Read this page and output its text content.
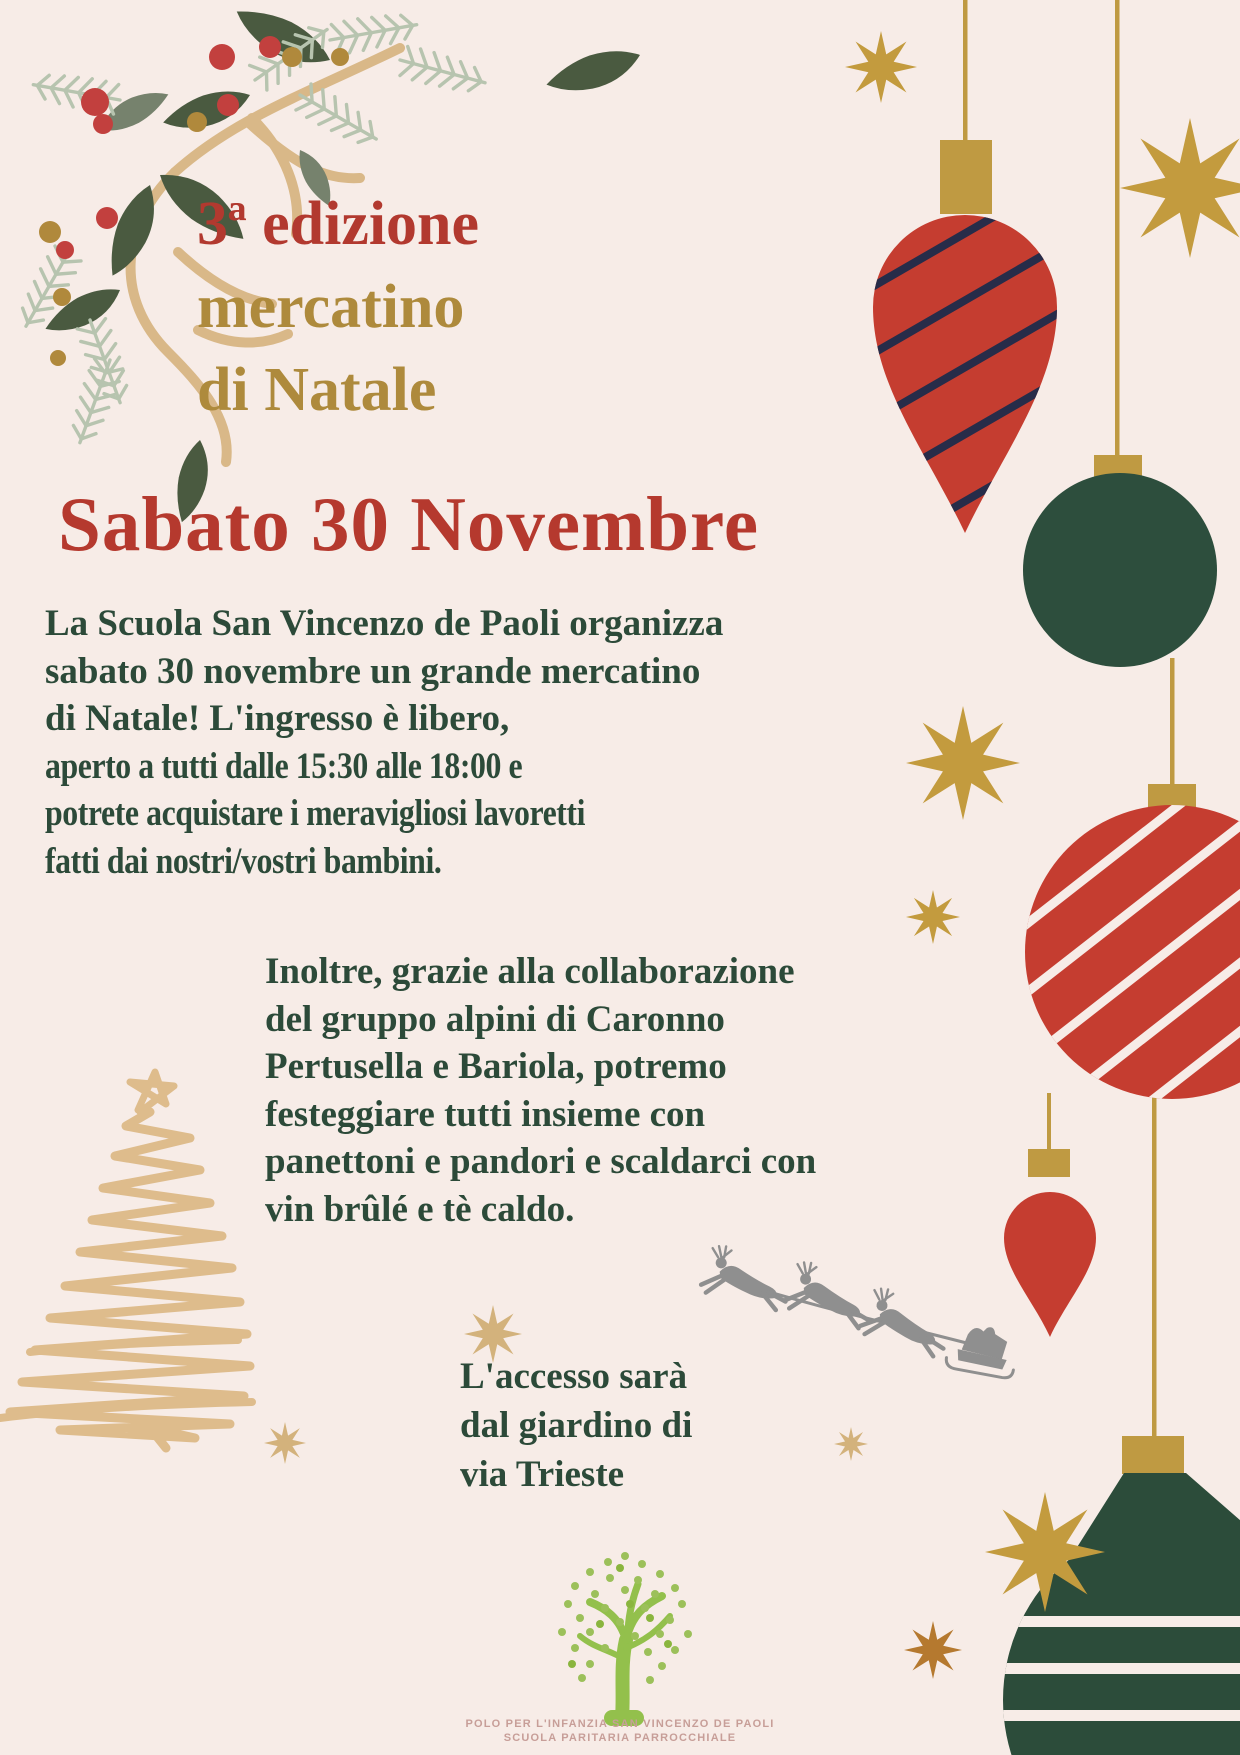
3ª edizione
mercatino
di Natale
Sabato 30 Novembre
La Scuola San Vincenzo de Paoli organizza
sabato 30 novembre un grande mercatino
di Natale! L'ingresso è libero,
aperto a tutti dalle 15:30 alle 18:00 e
potrete acquistare i meravigliosi lavoretti
fatti dai nostri/vostri bambini.
Inoltre, grazie alla collaborazione
del gruppo alpini di Caronno
Pertusella e Bariola, potremo
festeggiare tutti insieme con
panettoni e pandori e scaldarci con
vin brûlé e tè caldo.
L'accesso sarà
dal giardino di
via Trieste
POLO PER L'INFANZIA SAN VINCENZO DE PAOLI
SCUOLA PARITARIA PARROCCHIALE
